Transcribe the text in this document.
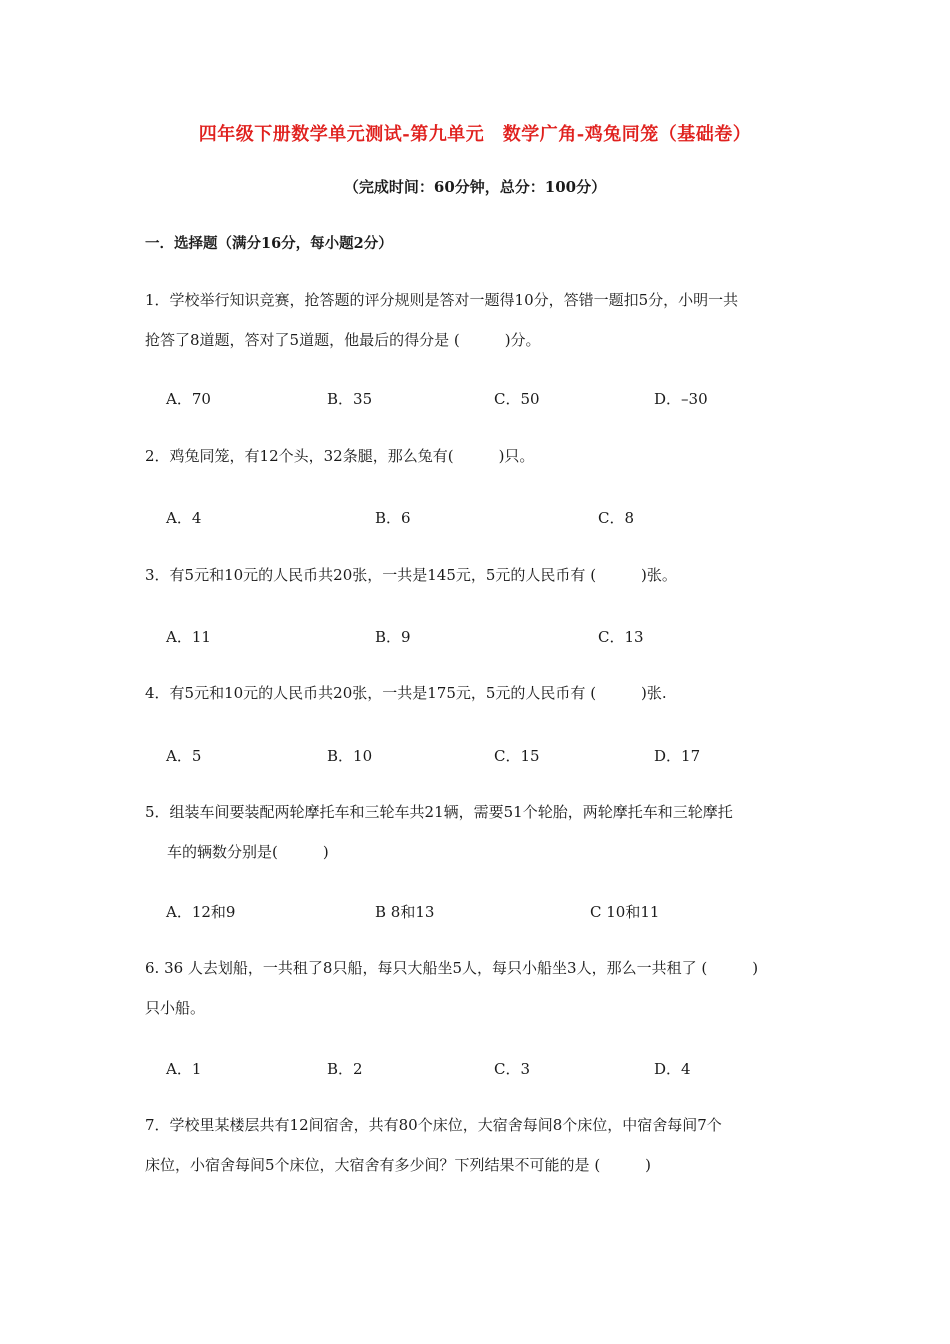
四年级下册数学单元测试-第九单元　数学广角-鸡兔同笼（基础卷）
（完成时间：60分钟，总分：100分）
一．选择题（满分16分，每小题2分）
1．学校举行知识竞赛，抢答题的评分规则是答对一题得10分，答错一题扣5分，小明一共
抢答了8道题，答对了5道题，他最后的得分是 (　　　)分。
A．70	B．35	C．50	D．–30
2．鸡兔同笼，有12个头，32条腿，那么兔有(　　　)只。
A．4	B．6	C．8
3．有5元和10元的人民币共20张，一共是145元，5元的人民币有 (　　　)张。
A．11	B．9	C．13
4．有5元和10元的人民币共20张，一共是175元，5元的人民币有 (　　　)张.
A．5	B．10	C．15	D．17
5．组装车间要装配两轮摩托车和三轮车共21辆，需要51个轮胎，两轮摩托车和三轮摩托
车的辆数分别是(　　　)
A．12和9	B 8和13	C 10和11
6. 36 人去划船，一共租了8只船，每只大船坐5人，每只小船坐3人，那么一共租了 (　　　)
只小船。
A．1	B．2	C．3	D．4
7．学校里某楼层共有12间宿舍，共有80个床位，大宿舍每间8个床位，中宿舍每间7个
床位，小宿舍每间5个床位，大宿舍有多少间？下列结果不可能的是 (　　　)
